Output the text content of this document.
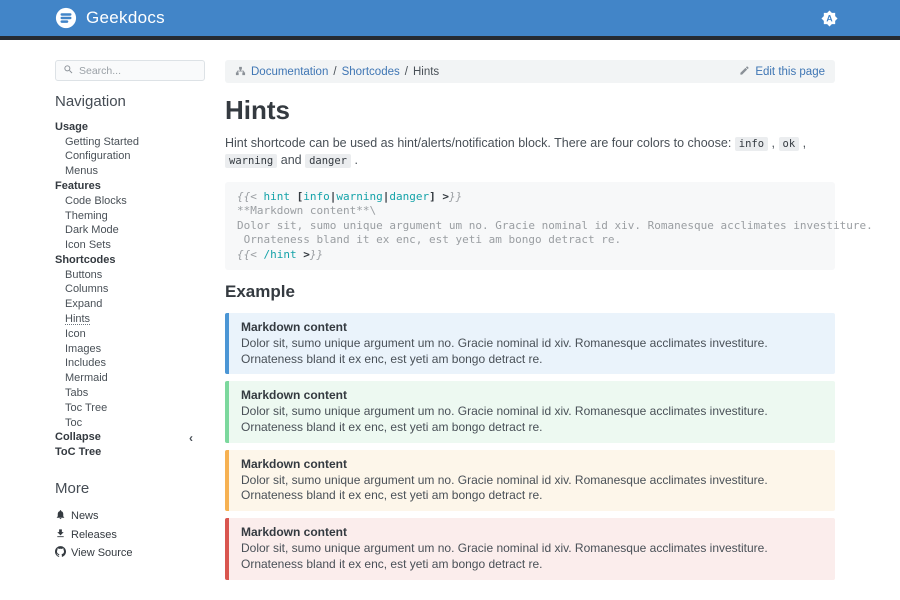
Geekdocs
Search...
Navigation
Usage
Getting Started
Configuration
Menus
Features
Code Blocks
Theming
Dark Mode
Icon Sets
Shortcodes
Buttons
Columns
Expand
Hints
Icon
Images
Includes
Mermaid
Tabs
Toc Tree
Toc
Collapse	‹
ToC Tree
More
News
Releases
View Source
Documentation / Shortcodes / Hints	Edit this page
Hints

Hint shortcode can be used as hint/alerts/notification block. There are four colors to choose: info , ok , warning and danger .

{{< hint [info|warning|danger] >}}
**Markdown content**\
Dolor sit, sumo unique argument um no. Gracie nominal id xiv. Romanesque acclimates investiture.
Ornateness bland it ex enc, est yeti am bongo detract re.
{{< /hint >}}
Example
Markdown content
Dolor sit, sumo unique argument um no. Gracie nominal id xiv. Romanesque acclimates investiture. Ornateness bland it ex enc, est yeti am bongo detract re.
Markdown content
Dolor sit, sumo unique argument um no. Gracie nominal id xiv. Romanesque acclimates investiture. Ornateness bland it ex enc, est yeti am bongo detract re.
Markdown content
Dolor sit, sumo unique argument um no. Gracie nominal id xiv. Romanesque acclimates investiture. Ornateness bland it ex enc, est yeti am bongo detract re.
Markdown content
Dolor sit, sumo unique argument um no. Gracie nominal id xiv. Romanesque acclimates investiture. Ornateness bland it ex enc, est yeti am bongo detract re.
